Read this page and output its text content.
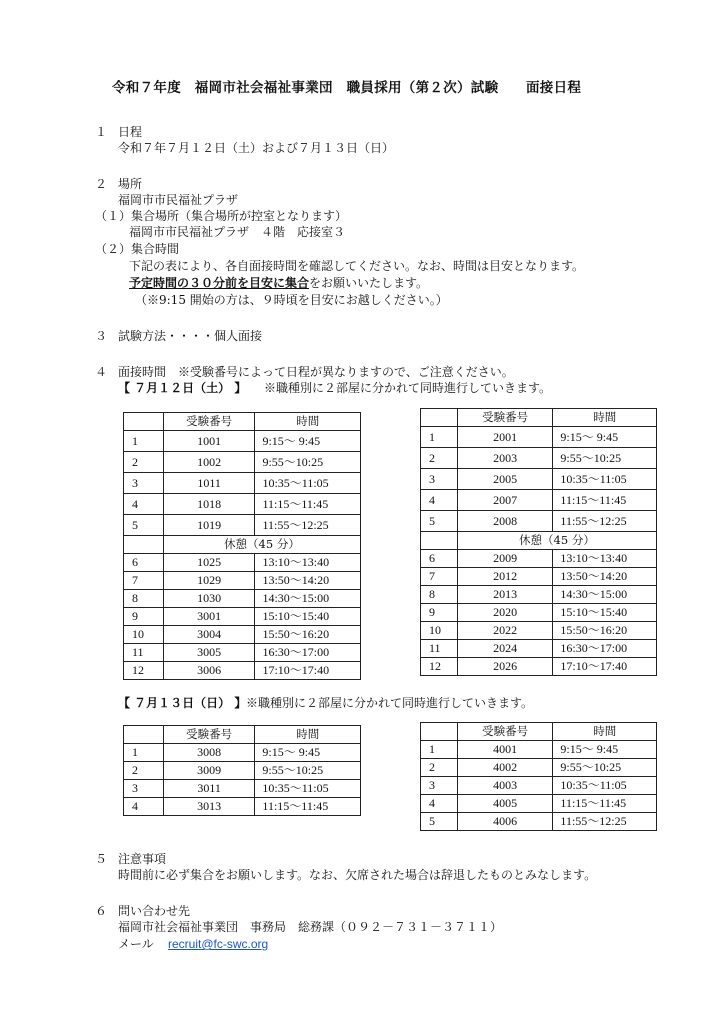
令和７年度　福岡市社会福祉事業団　職員採用（第２次）試験　　面接日程
１ 日程
令和７年７月１２日（土）および７月１３日（日）
２ 場所
福岡市市民福祉プラザ
（１）集合場所（集合場所が控室となります）
福岡市市民福祉プラザ　４階　応接室３
（２）集合時間
下記の表により、各自面接時間を確認してください。なお、時間は目安となります。
予定時間の３０分前を目安に集合をお願いいたします。
（※9:15 開始の方は、９時頃を目安にお越しください。）
３ 試験方法・・・・個人面接
４ 面接時間　※受験番号によって日程が異なりますので、ご注意ください。
【 ７月１２日（土） 】 ※職種別に２部屋に分かれて同時進行していきます。
	受験番号	時間
1	1001	9:15～ 9:45
2	1002	9:55～10:25
3	1011	10:35～11:05
4	1018	11:15～11:45
5	1019	11:55～12:25
	休憩（45 分）	
6	1025	13:10～13:40
7	1029	13:50～14:20
8	1030	14:30～15:00
9	3001	15:10～15:40
10	3004	15:50～16:20
11	3005	16:30～17:00
12	3006	17:10～17:40
	受験番号	時間
1	2001	9:15～ 9:45
2	2003	9:55～10:25
3	2005	10:35～11:05
4	2007	11:15～11:45
5	2008	11:55～12:25
	休憩（45 分）	
6	2009	13:10～13:40
7	2012	13:50～14:20
8	2013	14:30～15:00
9	2020	15:10～15:40
10	2022	15:50～16:20
11	2024	16:30～17:00
12	2026	17:10～17:40
【 ７月１３日（日） 】 ※職種別に２部屋に分かれて同時進行していきます。
	受験番号	時間
1	3008	9:15～ 9:45
2	3009	9:55～10:25
3	3011	10:35～11:05
4	3013	11:15～11:45
	受験番号	時間
1	4001	9:15～ 9:45
2	4002	9:55～10:25
3	4003	10:35～11:05
4	4005	11:15～11:45
5	4006	11:55～12:25
５ 注意事項
時間前に必ず集合をお願いします。なお、欠席された場合は辞退したものとみなします。
６ 問い合わせ先
福岡市社会福祉事業団　事務局　総務課（０９２－７３１－３７１１）
メール recruit@fc-swc.org
